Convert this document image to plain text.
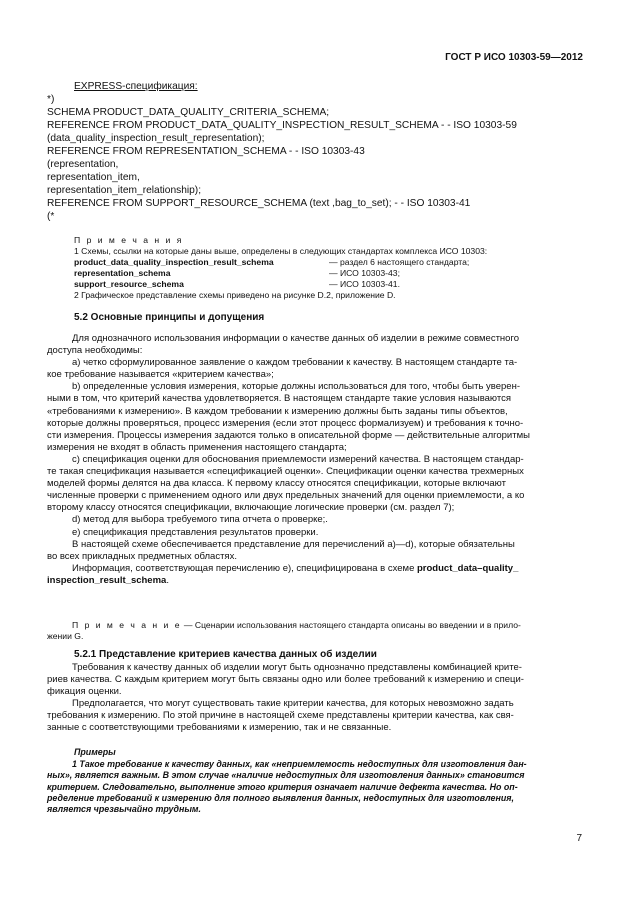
ГОСТ Р ИСО 10303-59—2012
EXPRESS-спецификация:
*)
SCHEMA PRODUCT_DATA_QUALITY_CRITERIA_SCHEMA;
REFERENCE FROM PRODUCT_DATA_QUALITY_INSPECTION_RESULT_SCHEMA - - ISO 10303-59
(data_quality_inspection_result_representation);
REFERENCE FROM REPRESENTATION_SCHEMA - - ISO 10303-43
(representation,
representation_item,
representation_item_relationship);
REFERENCE FROM SUPPORT_RESOURCE_SCHEMA (text ,bag_to_set); - - ISO 10303-41
(*
П р и м е ч а н и я
1 Схемы, ссылки на которые даны выше, определены в следующих стандартах комплекса ИСО 10303:
product_data_quality_inspection_result_schema	— раздел 6 настоящего стандарта;
representation_schema	— ИСО 10303-43;
support_resource_schema	— ИСО 10303-41.
2 Графическое представление схемы приведено на рисунке D.2, приложение D.
5.2 Основные принципы и допущения
Для однозначного использования информации о качестве данных об изделии в режиме совместного
доступа необходимы:
а) четко сформулированное заявление о каждом требовании к качеству. В настоящем стандарте та-
кое требование называется «критерием качества»;
b) определенные условия измерения, которые должны использоваться для того, чтобы быть уверен-
ными в том, что критерий качества удовлетворяется. В настоящем стандарте такие условия называются
«требованиями к измерению». В каждом требовании к измерению должны быть заданы типы объектов,
которые должны проверяться, процесс измерения (если этот процесс формализуем) и требования к точно-
сти измерения. Процессы измерения задаются только в описательной форме — действительные алгоритмы
измерения не входят в область применения настоящего стандарта;
с) спецификация оценки для обоснования приемлемости измерений качества. В настоящем стандар-
те такая спецификация называется «спецификацией оценки». Спецификации оценки качества трехмерных
моделей формы делятся на два класса. К первому классу относятся спецификации, которые включают
численные проверки с применением одного или двух предельных значений для оценки приемлемости, а ко
второму классу относятся спецификации, включающие логические проверки (см. раздел 7);
d) метод для выбора требуемого типа отчета о проверке;.
е) спецификация представления результатов проверки.
В настоящей схеме обеспечивается представление для перечислений а)—d), которые обязательны
во всех прикладных предметных областях.
Информация, соответствующая перечислению е), специфицирована в схеме product_data–quality_
inspection_result_schema.
П р и м е ч а н и е — Сценарии использования настоящего стандарта описаны во введении и в прило-
жении G.
5.2.1 Представление критериев качества данных об изделии
Требования к качеству данных об изделии могут быть однозначно представлены комбинацией крите-
риев качества. С каждым критерием могут быть связаны одно или более требований к измерению и специ-
фикация оценки.
Предполагается, что могут существовать такие критерии качества, для которых невозможно задать
требования к измерению. По этой причине в настоящей схеме представлены критерии качества, как свя-
занные с соответствующими требованиями к измерению, так и не связанные.
Примеры
1 Такое требование к качеству данных, как «неприемлемость недоступных для изготовления дан-
ных», является важным. В этом случае «наличие недоступных для изготовления данных» становится
критерием. Следовательно, выполнение этого критерия означает наличие дефекта качества. Но оп-
ределение требований к измерению для полного выявления данных, недоступных для изготовления,
является чрезвычайно трудным.
7
